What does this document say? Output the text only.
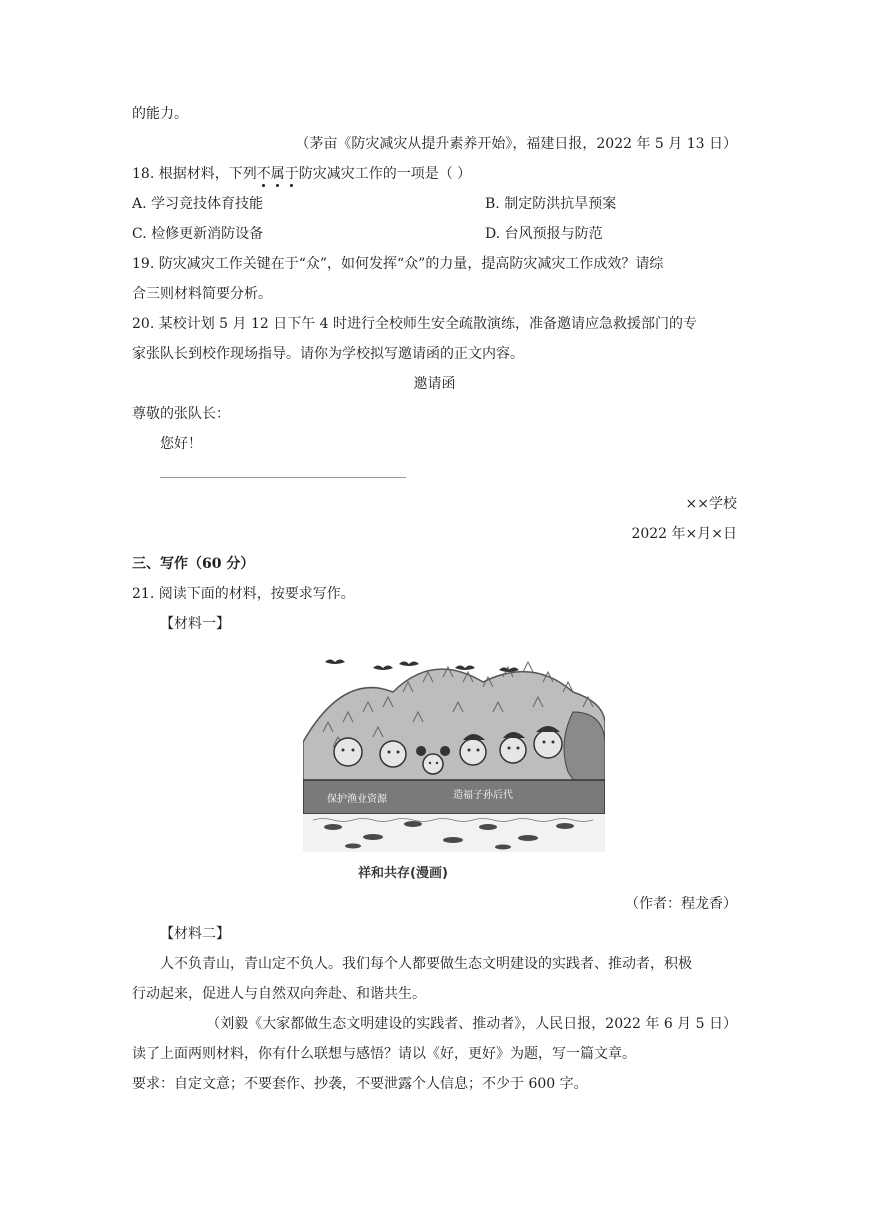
的能力。
（茅亩《防灾减灾从提升素养开始》，福建日报，2022 年 5 月 13 日）
18. 根据材料，下列不属于防灾减灾工作的一项是（ ）
A. 学习竞技体育技能	B. 制定防洪抗旱预案
C. 检修更新消防设备	D. 台风预报与防范
19. 防灾减灾工作关键在于“众”，如何发挥“众”的力量，提高防灾减灾工作成效？请综
合三则材料简要分析。
20. 某校计划 5 月 12 日下午 4 时进行全校师生安全疏散演练，准备邀请应急救援部门的专
家张队长到校作现场指导。请你为学校拟写邀请函的正文内容。
邀请函
尊敬的张队长：
您好！
××学校
2022 年×月×日
三、写作（60 分）
21. 阅读下面的材料，按要求写作。
【材料一】
保护渔业资源	造福子孙后代
祥和共存(漫画)
（作者：程龙香）
【材料二】
人不负青山，青山定不负人。我们每个人都要做生态文明建设的实践者、推动者，积极
行动起来，促进人与自然双向奔赴、和谐共生。
（刘毅《大家都做生态文明建设的实践者、推动者》，人民日报，2022 年 6 月 5 日）
读了上面两则材料，你有什么联想与感悟？请以《好，更好》为题，写一篇文章。
要求：自定文意；不要套作、抄袭，不要泄露个人信息；不少于 600 字。
